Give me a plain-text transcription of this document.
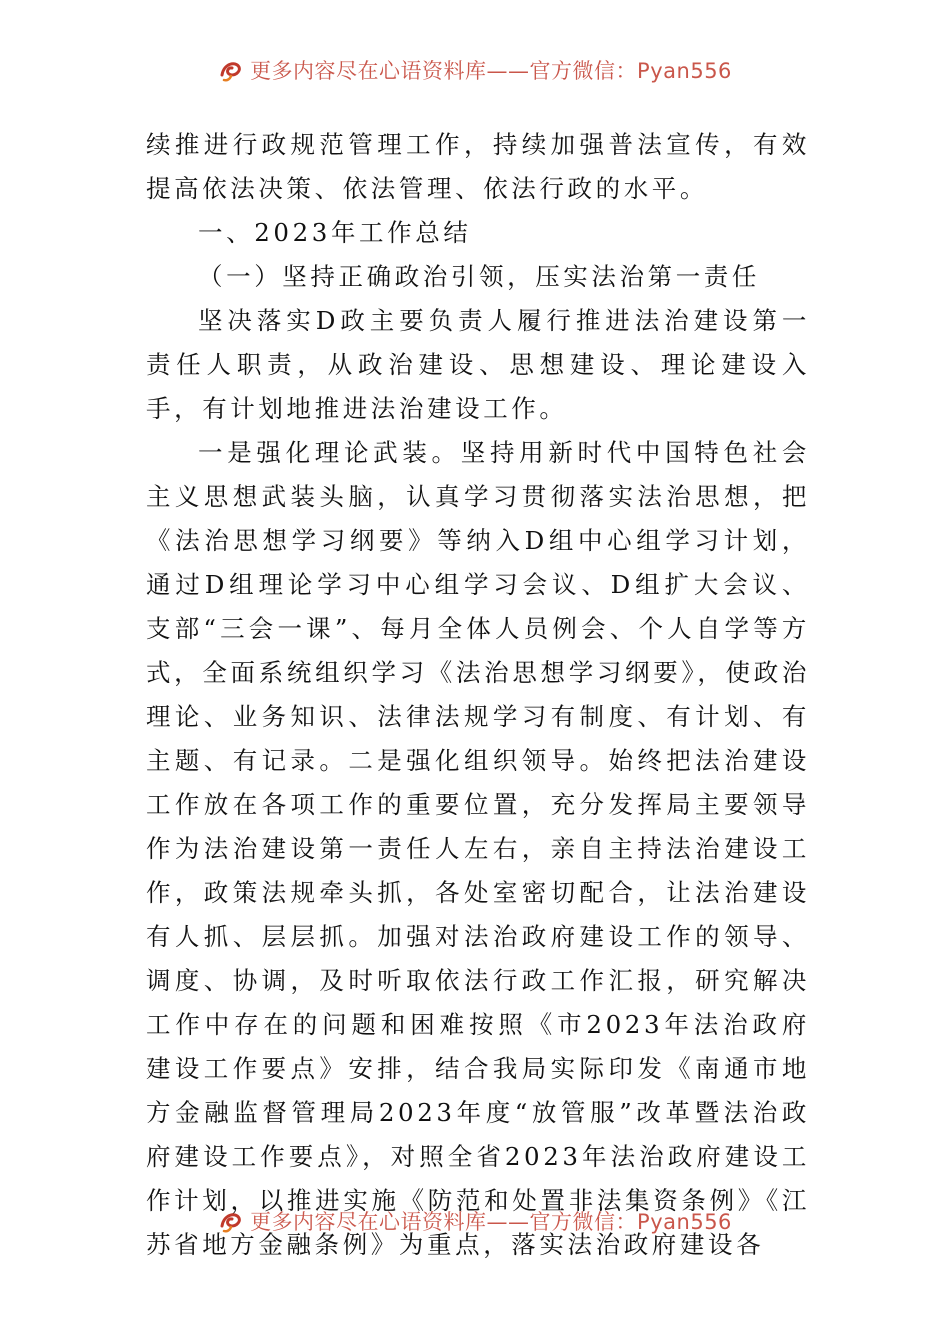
更多内容尽在心语资料库——官方微信：Pyan556

续推进行政规范管理工作，持续加强普法宣传，有效提高依法决策、依法管理、依法行政的水平。

一、2023年工作总结

（一）坚持正确政治引领，压实法治第一责任

坚决落实D政主要负责人履行推进法治建设第一责任人职责，从政治建设、思想建设、理论建设入手，有计划地推进法治建设工作。

一是强化理论武装。坚持用新时代中国特色社会主义思想武装头脑，认真学习贯彻落实法治思想，把《法治思想学习纲要》等纳入D组中心组学习计划，通过D组理论学习中心组学习会议、D组扩大会议、支部“三会一课”、每月全体人员例会、个人自学等方式，全面系统组织学习《法治思想学习纲要》，使政治理论、业务知识、法律法规学习有制度、有计划、有主题、有记录。二是强化组织领导。始终把法治建设工作放在各项工作的重要位置，充分发挥局主要领导作为法治建设第一责任人左右，亲自主持法治建设工作，政策法规牵头抓，各处室密切配合，让法治建设有人抓、层层抓。加强对法治政府建设工作的领导、调度、协调，及时听取依法行政工作汇报，研究解决工作中存在的问题和困难按照《市2023年法治政府建设工作要点》安排，结合我局实际印发《南通市地方金融监督管理局2023年度“放管服”改革暨法治政府建设工作要点》，对照全省2023年法治政府建设工作计划，以推进实施《防范和处置非法集资条例》《江苏省地方金融条例》为重点，落实法治政府建设各

更多内容尽在心语资料库——官方微信：Pyan556
